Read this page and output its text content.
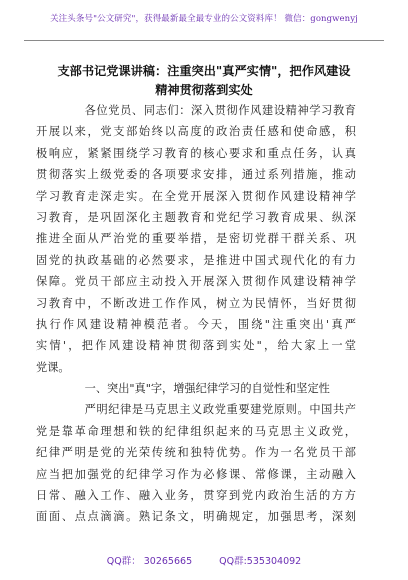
关注头条号"公文研究"，获得最新最全最专业的公文资料库！ 微信：gongwenyj
支部书记党课讲稿：注重突出"真严实情"，把作风建设
精神贯彻落到实处
各位党员、同志们：深入贯彻作风建设精神学习教育
开展以来，党支部始终以高度的政治责任感和使命感，积
极响应，紧紧围绕学习教育的核心要求和重点任务，认真
贯彻落实上级党委的各项要求安排，通过系列措施，推动
学习教育走深走实。在全党开展深入贯彻作风建设精神学
习教育，是巩固深化主题教育和党纪学习教育成果、纵深
推进全面从严治党的重要举措，是密切党群干群关系、巩
固党的执政基础的必然要求，是推进中国式现代化的有力
保障。党员干部应主动投入开展深入贯彻作风建设精神学
习教育中，不断改进工作作风，树立为民情怀，当好贯彻
执行作风建设精神模范者。今天，围绕"注重突出'真严
实情'，把作风建设精神贯彻落到实处"，给大家上一堂
党课。
一、突出"真"字，增强纪律学习的自觉性和坚定性
严明纪律是马克思主义政党重要建党原则。中国共产
党是靠革命理想和铁的纪律组织起来的马克思主义政党，
纪律严明是党的光荣传统和独特优势。作为一名党员干部
应当把加强党的纪律学习作为必修课、常修课，主动融入
日常、融入工作、融入业务，贯穿到党内政治生活的方方
面面、点点滴滴。熟记条文，明确规定，加强思考，深刻
QQ群： 30265665	QQ群:535304092
